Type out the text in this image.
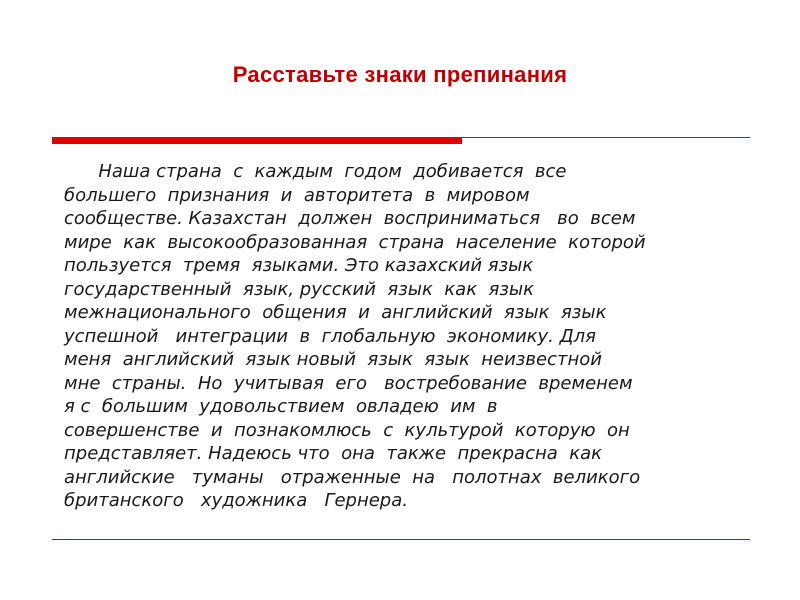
Расставьте знаки препинания
Наша страна  с  каждым  годом  добивается  все
большего  признания  и  авторитета  в  мировом
сообществе. Казахстан  должен  восприниматься   во  всем
мире  как  высокообразованная  страна  население  которой
пользуется  тремя  языками. Это казахский язык
государственный  язык, русский  язык  как  язык
межнационального  общения  и  английский  язык  язык
успешной   интеграции  в  глобальную  экономику. Для
меня  английский  язык новый  язык  язык  неизвестной
мне  страны.  Но  учитывая  его   востребование  временем
я с  большим  удовольствием  овладею  им  в
совершенстве  и  познакомлюсь  с  культурой  которую  он
представляет. Надеюсь что  она  также  прекрасна  как
английские   туманы   отраженные  на   полотнах  великого
британского   художника   Гернера.
